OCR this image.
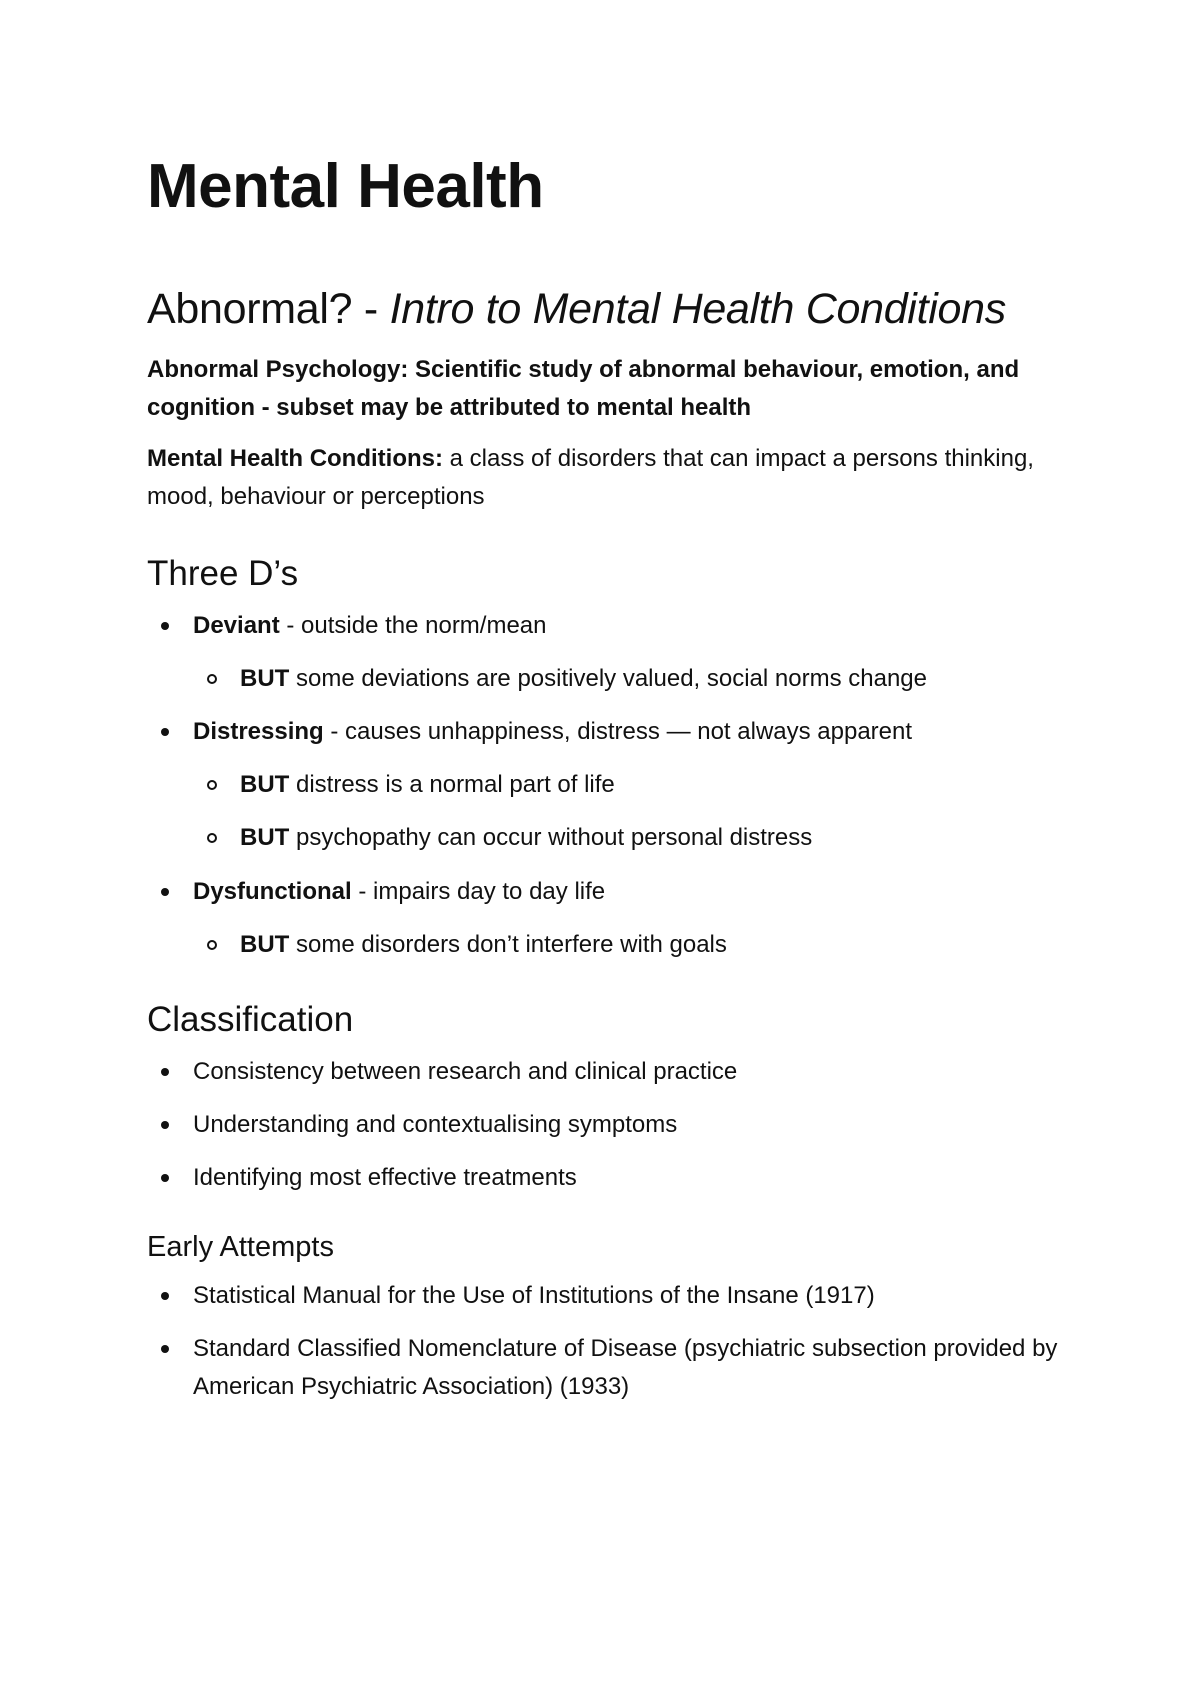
Mental Health
Abnormal? - Intro to Mental Health Conditions

Abnormal Psychology: Scientific study of abnormal behaviour, emotion, and cognition - subset may be attributed to mental health

Mental Health Conditions: a class of disorders that can impact a persons thinking, mood, behaviour or perceptions

Three D’s
Deviant - outside the norm/mean
BUT some deviations are positively valued, social norms change
Distressing - causes unhappiness, distress — not always apparent
BUT distress is a normal part of life
BUT psychopathy can occur without personal distress
Dysfunctional - impairs day to day life
BUT some disorders don’t interfere with goals
Classification
Consistency between research and clinical practice
Understanding and contextualising symptoms
Identifying most effective treatments
Early Attempts
Statistical Manual for the Use of Institutions of the Insane (1917)
Standard Classified Nomenclature of Disease (psychiatric subsection provided by American Psychiatric Association) (1933)
